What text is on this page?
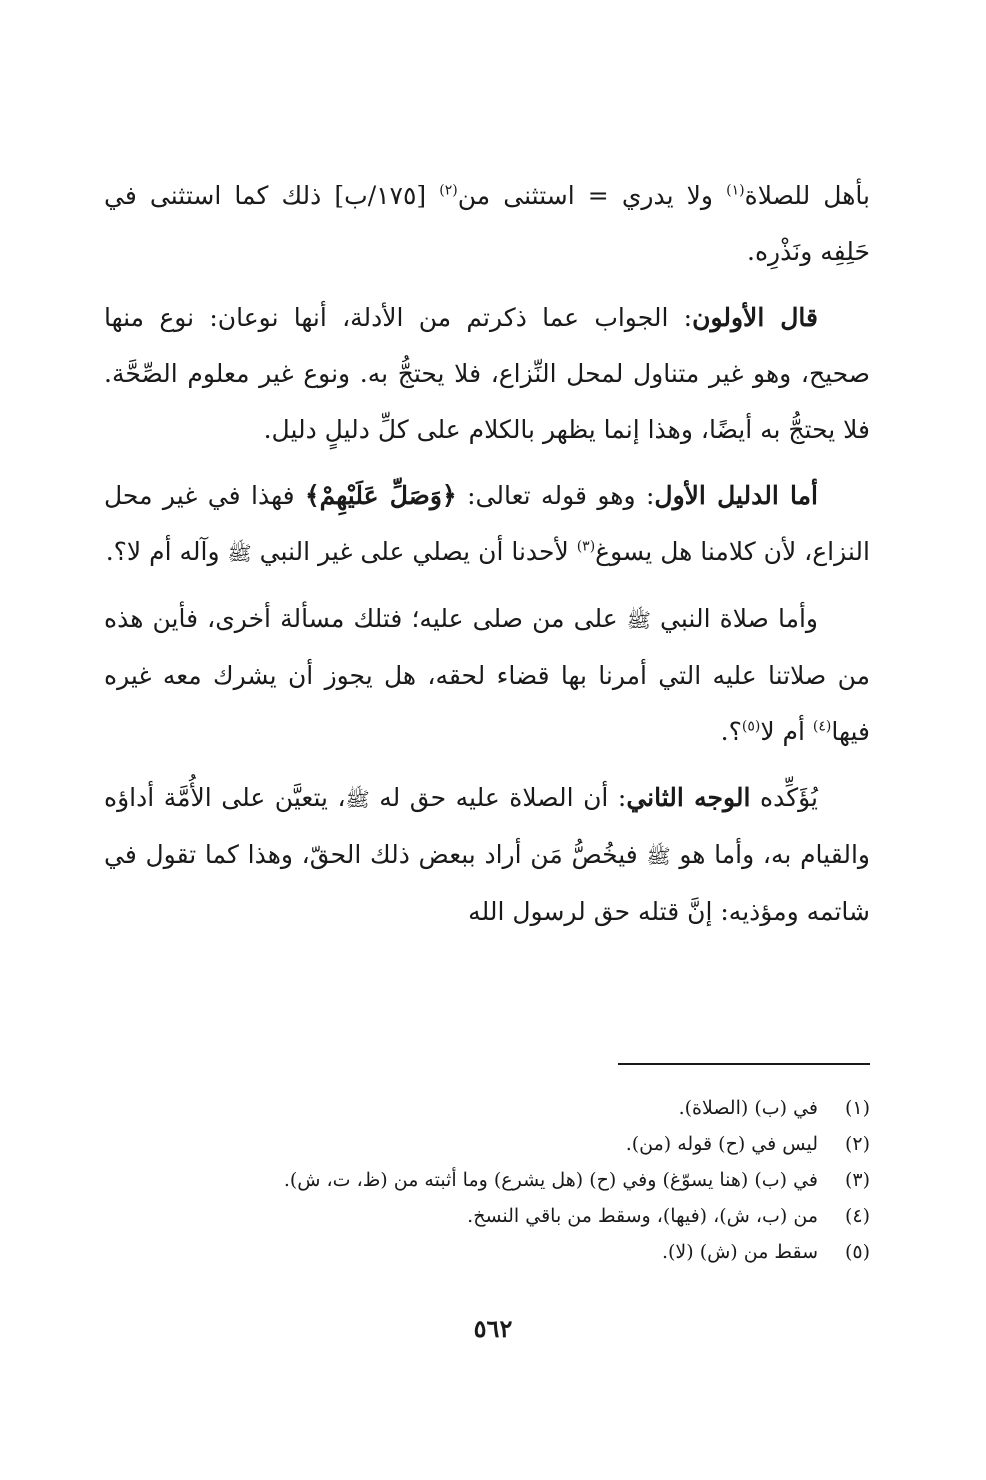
بأهل للصلاة$^{(١)}$ ولا يدري = استثنى من$^{(٢)}$ [١٧٥/ب] ذلك كما استثنى في حَلِفِه ونَذْرِه.

قال الأولون: الجواب عما ذكرتم من الأدلة، أنها نوعان: نوع منها صحيح، وهو غير متناول لمحل النِّزاع، فلا يحتجُّ به. ونوع غير معلوم الصِّحَّة. فلا يحتجُّ به أيضًا، وهذا إنما يظهر بالكلام على كلِّ دليلٍ دليل.

أما الدليل الأول: وهو قوله تعالى: ﴿وَصَلِّ عَلَيْهِمْ﴾ فهذا في غير محل النزاع، لأن كلامنا هل يسوغ$^{(٣)}$ لأحدنا أن يصلي على غير النبي ﷺ وآله أم لا؟.

وأما صلاة النبي ﷺ على من صلى عليه؛ فتلك مسألة أخرى، فأين هذه من صلاتنا عليه التي أمرنا بها قضاء لحقه، هل يجوز أن يشرك معه غيره فيها$^{(٤)}$ أم لا$^{(٥)}$؟.

يُؤَكِّده الوجه الثاني: أن الصلاة عليه حق له ﷺ، يتعيَّن على الأُمَّة أداؤه والقيام به، وأما هو ﷺ فيخُصُّ مَن أراد ببعض ذلك الحقّ، وهذا كما تقول في شاتمه ومؤذيه: إنَّ قتله حق لرسول الله

(١)
في (ب) (الصلاة).
(٢)
ليس في (ح) قوله (من).
(٣)
في (ب) (هنا يسوّغ) وفي (ح) (هل يشرع) وما أثبته من (ظ، ت، ش).
(٤)
من (ب، ش)، (فيها)، وسقط من باقي النسخ.
(٥)
سقط من (ش) (لا).
٥٦٢
